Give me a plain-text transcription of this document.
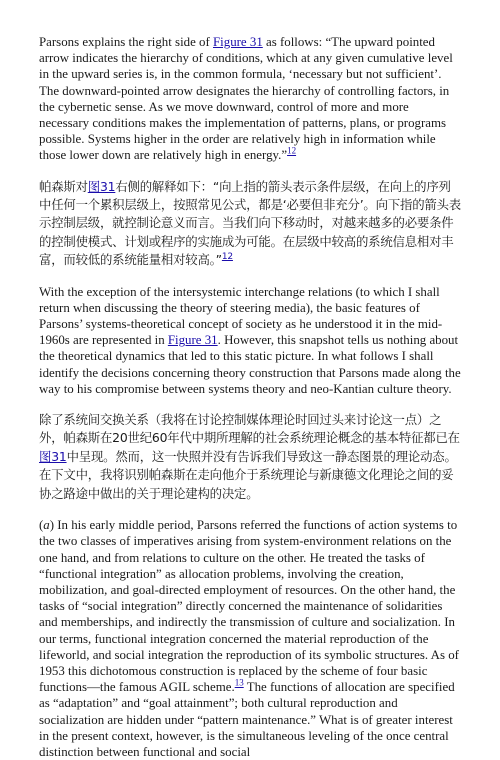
Parsons explains the right side of Figure 31 as follows: “The upward pointed arrow indicates the hierarchy of conditions, which at any given cumulative level in the upward series is, in the common formula, ‘necessary but not sufficient’. The downward-pointed arrow designates the hierarchy of controlling factors, in the cybernetic sense. As we move downward, control of more and more necessary conditions makes the implementation of patterns, plans, or programs possible. Systems higher in the order are relatively high in information while those lower down are relatively high in energy.”$^{12}$

帕森斯对图31右侧的解释如下：“向上指的箭头表示条件层级，在向上的序列中任何一个累积层级上，按照常见公式，都是‘必要但非充分’。向下指的箭头表示控制层级，就控制论意义而言。当我们向下移动时，对越来越多的必要条件的控制使模式、计划或程序的实施成为可能。在层级中较高的系统信息相对丰富，而较低的系统能量相对较高。”$^{12}$

With the exception of the intersystemic interchange relations (to which I shall return when discussing the theory of steering media), the basic features of Parsons’ systems-theoretical concept of society as he understood it in the mid-1960s are represented in Figure 31. However, this snapshot tells us nothing about the theoretical dynamics that led to this static picture. In what follows I shall identify the decisions concerning theory construction that Parsons made along the way to his compromise between systems theory and neo-Kantian culture theory.

除了系统间交换关系（我将在讨论控制媒体理论时回过头来讨论这一点）之外，帕森斯在20世纪60年代中期所理解的社会系统理论概念的基本特征都已在图31中呈现。然而，这一快照并没有告诉我们导致这一静态图景的理论动态。在下文中，我将识别帕森斯在走向他介于系统理论与新康德文化理论之间的妥协之路途中做出的关于理论建构的决定。

(a) In his early middle period, Parsons referred the functions of action systems to the two classes of imperatives arising from system-environment relations on the one hand, and from relations to culture on the other. He treated the tasks of “functional integration” as allocation problems, involving the creation, mobilization, and goal-directed employment of resources. On the other hand, the tasks of “social integration” directly concerned the maintenance of solidarities and memberships, and indirectly the transmission of culture and socialization. In our terms, functional integration concerned the material reproduction of the lifeworld, and social integration the reproduction of its symbolic structures. As of 1953 this dichotomous construction is replaced by the scheme of four basic functions—the famous AGIL scheme.$^{13}$ The functions of allocation are specified as “adaptation” and “goal attainment”; both cultural reproduction and socialization are hidden under “pattern maintenance.” What is of greater interest in the present context, however, is the simultaneous leveling of the once central distinction between functional and social
